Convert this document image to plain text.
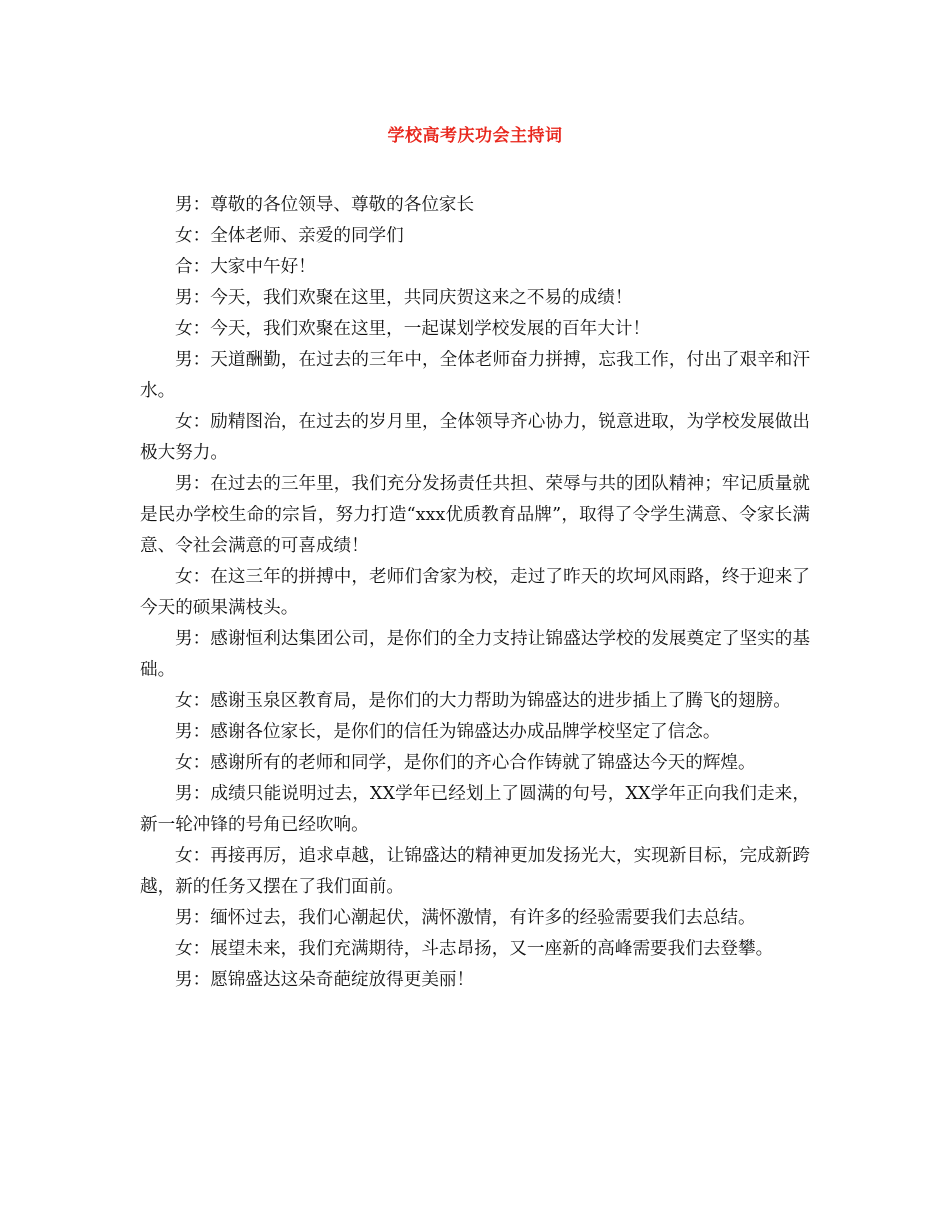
学校高考庆功会主持词

男：尊敬的各位领导、尊敬的各位家长

女：全体老师、亲爱的同学们

合：大家中午好！

男：今天，我们欢聚在这里，共同庆贺这来之不易的成绩！

女：今天，我们欢聚在这里，一起谋划学校发展的百年大计！

男：天道酬勤，在过去的三年中，全体老师奋力拼搏，忘我工作，付出了艰辛和汗水。

女：励精图治，在过去的岁月里，全体领导齐心协力，锐意进取，为学校发展做出极大努力。

男：在过去的三年里，我们充分发扬责任共担、荣辱与共的团队精神；牢记质量就是民办学校生命的宗旨，努力打造“xxx优质教育品牌”，取得了令学生满意、令家长满意、令社会满意的可喜成绩！

女：在这三年的拼搏中，老师们舍家为校，走过了昨天的坎坷风雨路，终于迎来了今天的硕果满枝头。

男：感谢恒利达集团公司，是你们的全力支持让锦盛达学校的发展奠定了坚实的基础。

女：感谢玉泉区教育局，是你们的大力帮助为锦盛达的进步插上了腾飞的翅膀。

男：感谢各位家长，是你们的信任为锦盛达办成品牌学校坚定了信念。

女：感谢所有的老师和同学，是你们的齐心合作铸就了锦盛达今天的辉煌。

男：成绩只能说明过去，XX学年已经划上了圆满的句号，XX学年正向我们走来，新一轮冲锋的号角已经吹响。

女：再接再厉，追求卓越，让锦盛达的精神更加发扬光大，实现新目标，完成新跨越，新的任务又摆在了我们面前。

男：缅怀过去，我们心潮起伏，满怀激情，有许多的经验需要我们去总结。

女：展望未来，我们充满期待，斗志昂扬，又一座新的高峰需要我们去登攀。

男：愿锦盛达这朵奇葩绽放得更美丽！
